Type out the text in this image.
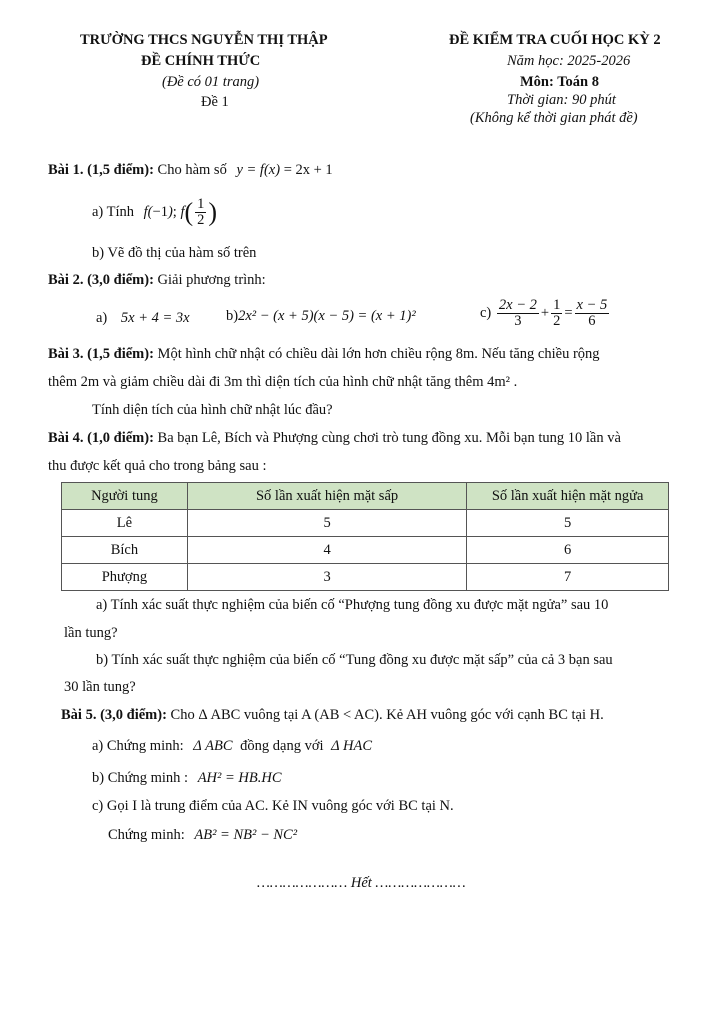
TRƯỜNG THCS NGUYỄN THỊ THẬP
ĐỀ CHÍNH THỨC
(Đề có 01 trang)
Đề 1
ĐỀ KIỂM TRA CUỐI HỌC KỲ 2
Năm học: 2025-2026
Môn: Toán 8
Thời gian: 90 phút
(Không kể thời gian phát đề)
Bài 1. (1,5 điểm): Cho hàm số y = f(x) = 2x + 1
a) Tính f(−1); $f( \frac{1}{2}$ )
b) Vẽ đồ thị của hàm số trên
Bài 2. (3,0 điểm): Giải phương trình:
a) 5x + 4 = 3x	b)2x² − (x + 5)(x − 5) = (x + 1)²	$c) \frac{2x - 2}{3} + \frac{1}{2} = \frac{x - 5}{6}$
Bài 3. (1,5 điểm): Một hình chữ nhật có chiều dài lớn hơn chiều rộng 8m. Nếu tăng chiều rộng
thêm 2m và giảm chiều dài đi 3m thì diện tích của hình chữ nhật tăng thêm 4m² .
Tính diện tích của hình chữ nhật lúc đầu?
Bài 4. (1,0 điểm): Ba bạn Lê, Bích và Phượng cùng chơi trò tung đồng xu. Mỗi bạn tung 10 lần và
thu được kết quả cho trong bảng sau :
Người tung	Số lần xuất hiện mặt sấp	Số lần xuất hiện mặt ngửa
Lê	5	5
Bích	4	6
Phượng	3	7
a) Tính xác suất thực nghiệm của biến cố “Phượng tung đồng xu được mặt ngửa” sau 10
lần tung?
b) Tính xác suất thực nghiệm của biến cố “Tung đồng xu được mặt sấp” của cả 3 bạn sau
30 lần tung?
Bài 5. (3,0 điểm): Cho Δ ABC vuông tại A (AB < AC). Kẻ AH vuông góc với cạnh BC tại H.
a) Chứng minh: Δ ABC đồng dạng với Δ HAC
b) Chứng minh : AH² = HB.HC
c) Gọi I là trung điểm của AC. Kẻ IN vuông góc với BC tại N.
Chứng minh: AB² = NB² − NC²
………………… Hết …………………
